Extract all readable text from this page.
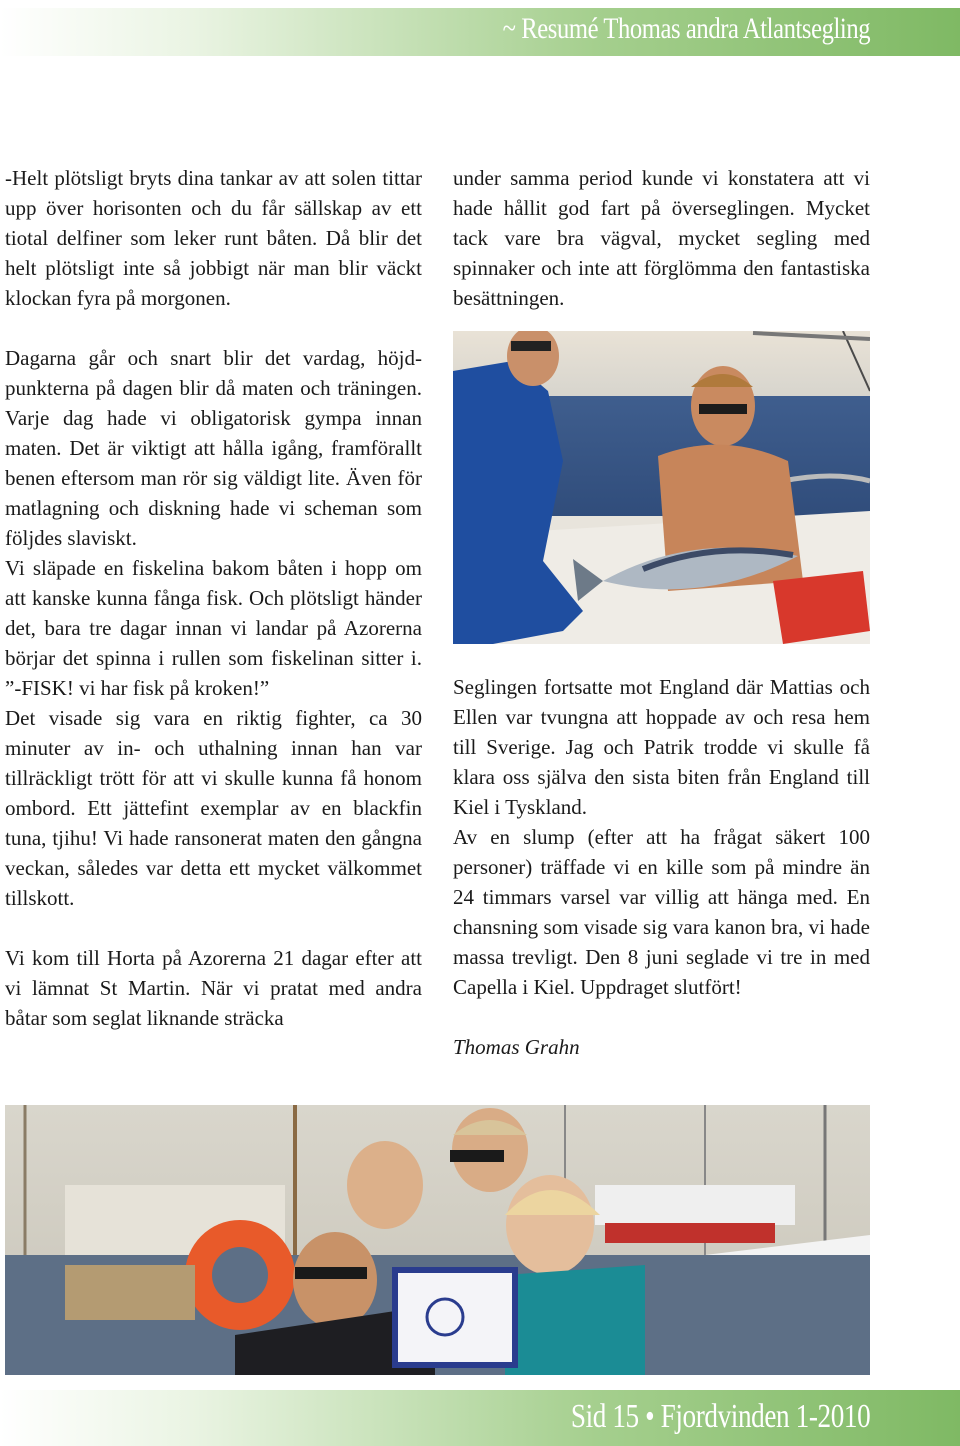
~ Resumé Thomas andra Atlantsegling

-Helt plötsligt bryts dina tankar av att solen tittar upp över horisonten och du får sällskap av ett tiotal delfiner som leker runt båten. Då blir det helt plötsligt inte så jobbigt när man blir väckt klockan fyra på morgonen.

Dagarna går och snart blir det vardag, höjdpunkterna på dagen blir då maten och träningen. Varje dag hade vi obligatorisk gympa innan maten. Det är viktigt att hålla igång, framförallt benen eftersom man rör sig väldigt lite. Även för matlagning och diskning hade vi scheman som följdes slaviskt.

Vi släpade en fiskelina bakom båten i hopp om att kanske kunna fånga fisk. Och plötsligt händer det, bara tre dagar innan vi landar på Azorerna börjar det spinna i rullen som fiskelinan sitter i. ”-FISK! vi har fisk på kroken!”

Det visade sig vara en riktig fighter, ca 30 minuter av in- och uthalning innan han var tillräckligt trött för att vi skulle kunna få honom ombord. Ett jättefint exemplar av en blackfin tuna, tjihu! Vi hade ransonerat maten den gångna veckan, således var detta ett mycket välkommet tillskott.

Vi kom till Horta på Azorerna 21 dagar efter att vi lämnat St Martin. När vi pratat med andra båtar som seglat liknande sträcka

under samma period kunde vi konstatera att vi hade hållit god fart på överseglingen. Mycket tack vare bra vägval, mycket segling med spinnaker och inte att förglömma den fantastiska besättningen.

Seglingen fortsatte mot England där Mattias och Ellen var tvungna att hoppade av och resa hem till Sverige. Jag och Patrik trodde vi skulle få klara oss själva den sista biten från England till Kiel i Tyskland.

Av en slump (efter att ha frågat säkert 100 personer) träffade vi en kille som på mindre än 24 timmars varsel var villig att hänga med. En chansning som visade sig vara kanon bra, vi hade massa trevligt. Den 8 juni seglade vi tre in med Capella i Kiel. Uppdraget slutfört!

Thomas Grahn

Sid 15 • Fjordvinden 1-2010
